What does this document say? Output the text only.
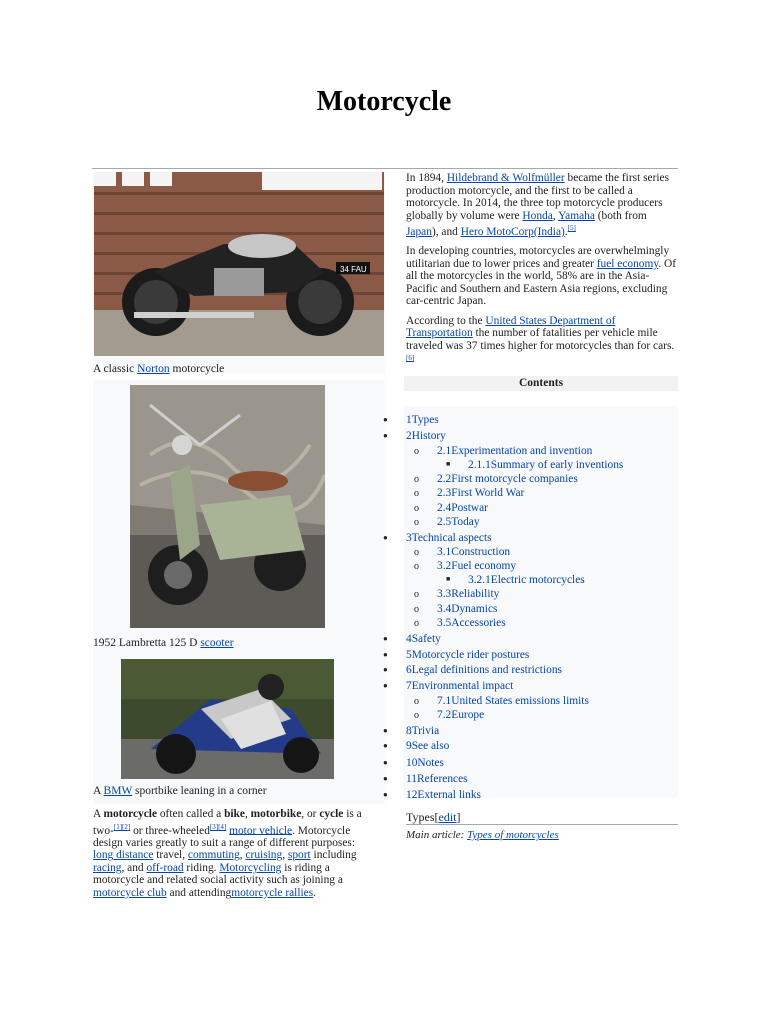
Motorcycle
34 FAU
A classic Norton motorcycle
1952 Lambretta 125 D scooter
A BMW sportbike leaning in a corner
A motorcycle often called a bike, motorbike, or cycle is a two-[1][2] or three-wheeled[3][4] motor vehicle. Motorcycle design varies greatly to suit a range of different purposes: long distance travel, commuting, cruising, sport including racing, and off-road riding. Motorcycling is riding a motorcycle and related social activity such as joining a motorcycle club and attendingmotorcycle rallies.

In 1894, Hildebrand & Wolfmüller became the first series production motorcycle, and the first to be called a motorcycle. In 2014, the three top motorcycle producers globally by volume were Honda, Yamaha (both from Japan), and Hero MotoCorp(India).[5]

In developing countries, motorcycles are overwhelmingly utilitarian due to lower prices and greater fuel economy. Of all the motorcycles in the world, 58% are in the Asia-Pacific and Southern and Eastern Asia regions, excluding car-centric Japan.

According to the United States Department of Transportation the number of fatalities per vehicle mile traveled was 37 times higher for motorcycles than for cars.[6]

Contents
● 1Types
● 2History
o 2.1Experimentation and invention
■ 2.1.1Summary of early inventions
o 2.2First motorcycle companies
o 2.3First World War
o 2.4Postwar
o 2.5Today
● 3Technical aspects
o 3.1Construction
o 3.2Fuel economy
■ 3.2.1Electric motorcycles
o 3.3Reliability
o 3.4Dynamics
o 3.5Accessories
● 4Safety
● 5Motorcycle rider postures
● 6Legal definitions and restrictions
● 7Environmental impact
o 7.1United States emissions limits
o 7.2Europe
● 8Trivia
● 9See also
● 10Notes
● 11References
● 12External links
Types[edit]
Main article: Types of motorcycles
